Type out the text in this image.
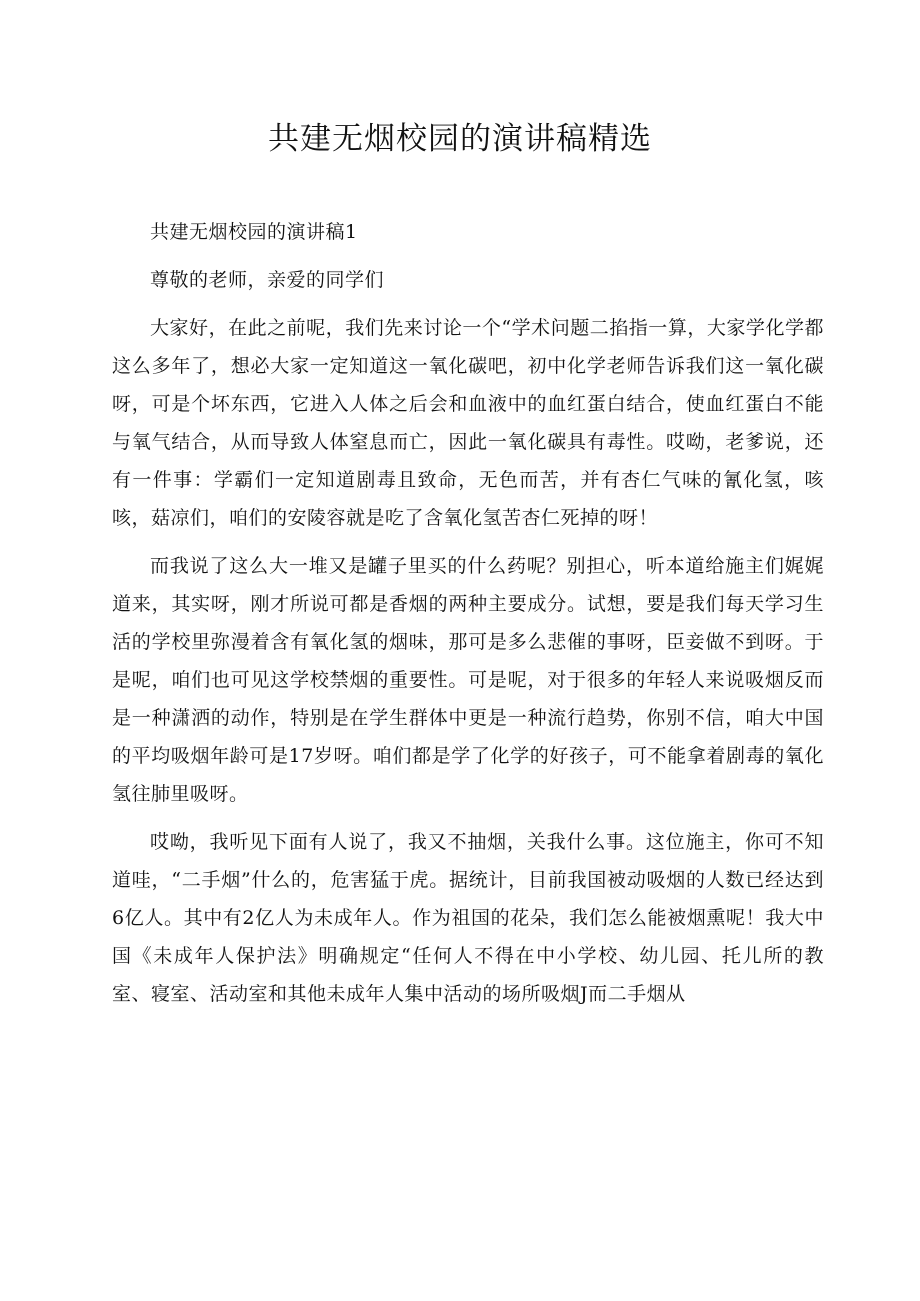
共建无烟校园的演讲稿精选

共建无烟校园的演讲稿1

尊敬的老师，亲爱的同学们

大家好，在此之前呢，我们先来讨论一个“学术问题二掐指一算，大家学化学都这么多年了，想必大家一定知道这一氧化碳吧，初中化学老师告诉我们这一氧化碳呀，可是个坏东西，它进入人体之后会和血液中的血红蛋白结合，使血红蛋白不能与氧气结合，从而导致人体窒息而亡，因此一氧化碳具有毒性。哎呦，老爹说，还有一件事：学霸们一定知道剧毒且致命，无色而苦，并有杏仁气味的氰化氢，咳咳，菇凉们，咱们的安陵容就是吃了含氧化氢苦杏仁死掉的呀！

而我说了这么大一堆又是罐子里买的什么药呢？别担心，听本道给施主们娓娓道来，其实呀，刚才所说可都是香烟的两种主要成分。试想，要是我们每天学习生活的学校里弥漫着含有氧化氢的烟味，那可是多么悲催的事呀，臣妾做不到呀。于是呢，咱们也可见这学校禁烟的重要性。可是呢，对于很多的年轻人来说吸烟反而是一种潇洒的动作，特别是在学生群体中更是一种流行趋势，你别不信，咱大中国的平均吸烟年龄可是17岁呀。咱们都是学了化学的好孩子，可不能拿着剧毒的氧化氢往肺里吸呀。

哎呦，我听见下面有人说了，我又不抽烟，关我什么事。这位施主，你可不知道哇，“二手烟”什么的，危害猛于虎。据统计，目前我国被动吸烟的人数已经达到6亿人。其中有2亿人为未成年人。作为祖国的花朵，我们怎么能被烟熏呢！我大中国《未成年人保护法》明确规定“任何人不得在中小学校、幼儿园、托儿所的教室、寝室、活动室和其他未成年人集中活动的场所吸烟J而二手烟从
